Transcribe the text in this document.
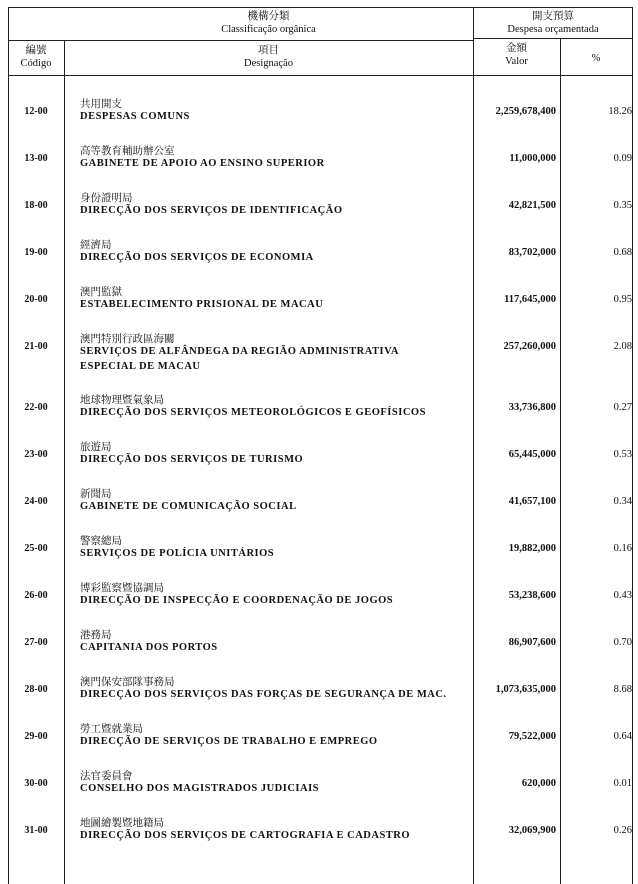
機構分類
Classificação orgânica
開支預算
Despesa orçamentada
編號
Código
項目
Designação
金額
Valor	%
12-00
共用開支
DESPESAS COMUNS	2,259,678,400	18.26
13-00
高等教育輔助辦公室
GABINETE DE APOIO AO ENSINO SUPERIOR	11,000,000	0.09
18-00
身份證明局
DIRECÇÃO DOS SERVIÇOS DE IDENTIFICAÇÃO	42,821,500	0.35
19-00
經濟局
DIRECÇÃO DOS SERVIÇOS DE ECONOMIA	83,702,000	0.68
20-00
澳門監獄
ESTABELECIMENTO PRISIONAL DE MACAU	117,645,000	0.95
21-00
澳門特別行政區海關
SERVIÇOS DE ALFÂNDEGA DA REGIÃO ADMINISTRATIVA
ESPECIAL DE MACAU
257,260,000	2.08
22-00
地球物理暨氣象局
DIRECÇÃO DOS SERVIÇOS METEOROLÓGICOS E GEOFÍSICOS	33,736,800	0.27
23-00
旅遊局
DIRECÇÃO DOS SERVIÇOS DE TURISMO	65,445,000	0.53
24-00
新聞局
GABINETE DE COMUNICAÇÃO SOCIAL	41,657,100	0.34
25-00
警察總局
SERVIÇOS DE POLÍCIA UNITÁRIOS	19,882,000	0.16
26-00
博彩監察暨協調局
DIRECÇÃO DE INSPECÇÃO E COORDENAÇÃO DE JOGOS	53,238,600	0.43
27-00
港務局
CAPITANIA DOS PORTOS	86,907,600	0.70
28-00
澳門保安部隊事務局
DIRECÇÃO DOS SERVIÇOS DAS FORÇAS DE SEGURANÇA DE MAC.	1,073,635,000	8.68
29-00
勞工暨就業局
DIRECÇÃO DE SERVIÇOS DE TRABALHO E EMPREGO	79,522,000	0.64
30-00
法官委員會
CONSELHO DOS MAGISTRADOS JUDICIAIS	620,000	0.01
31-00
地圖繪製暨地籍局
DIRECÇÃO DOS SERVIÇOS DE CARTOGRAFIA E CADASTRO	32,069,900	0.26
